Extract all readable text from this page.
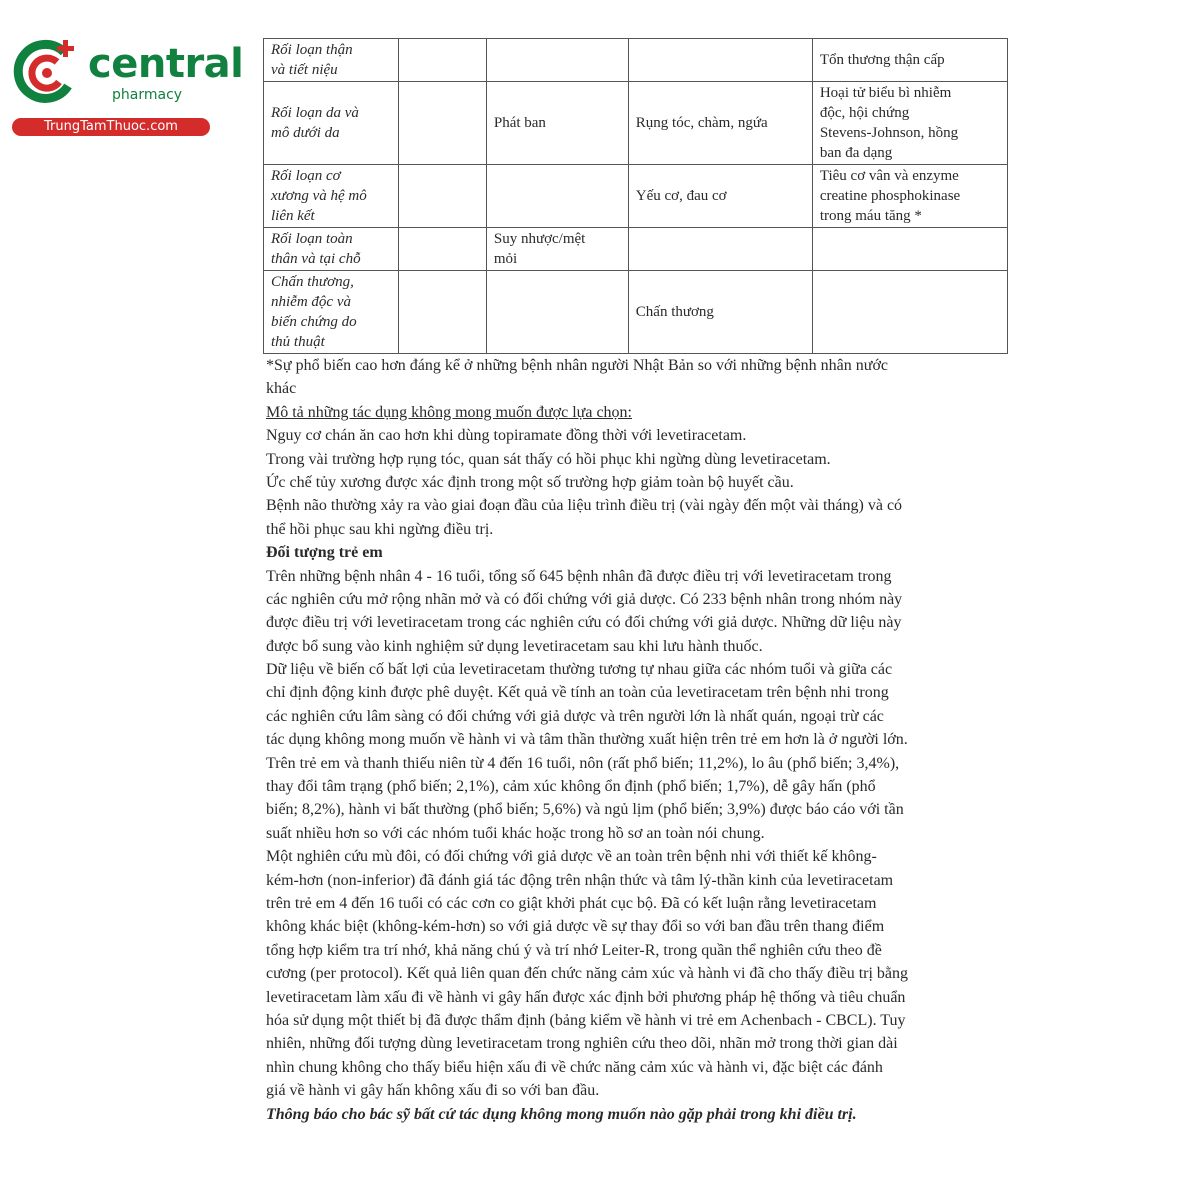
central
pharmacy
TrungTamThuoc.com
Rối loạn thận
và tiết niệu				Tổn thương thận cấp
Rối loạn da và
mô dưới da		Phát ban	Rụng tóc, chàm, ngứa	Hoại tử biểu bì nhiễm
độc, hội chứng
Stevens-Johnson, hồng
ban đa dạng
Rối loạn cơ
xương và hệ mô
liên kết			Yếu cơ, đau cơ	Tiêu cơ vân và enzyme
creatine phosphokinase
trong máu tăng *
Rối loạn toàn
thân và tại chỗ		Suy nhược/mệt
mỏi		
Chấn thương,
nhiễm độc và
biến chứng do
thủ thuật			Chấn thương	
*Sự phổ biến cao hơn đáng kể ở những bệnh nhân người Nhật Bản so với những bệnh nhân nước
khác
Mô tả những tác dụng không mong muốn được lựa chọn:
Nguy cơ chán ăn cao hơn khi dùng topiramate đồng thời với levetiracetam.
Trong vài trường hợp rụng tóc, quan sát thấy có hồi phục khi ngừng dùng levetiracetam.
Ức chế tủy xương được xác định trong một số trường hợp giảm toàn bộ huyết cầu.
Bệnh não thường xảy ra vào giai đoạn đầu của liệu trình điều trị (vài ngày đến một vài tháng) và có
thể hồi phục sau khi ngừng điều trị.
Đối tượng trẻ em
Trên những bệnh nhân 4 - 16 tuổi, tổng số 645 bệnh nhân đã được điều trị với levetiracetam trong
các nghiên cứu mở rộng nhãn mở và có đối chứng với giả dược. Có 233 bệnh nhân trong nhóm này
được điều trị với levetiracetam trong các nghiên cứu có đối chứng với giả dược. Những dữ liệu này
được bổ sung vào kinh nghiệm sử dụng levetiracetam sau khi lưu hành thuốc.
Dữ liệu về biến cố bất lợi của levetiracetam thường tương tự nhau giữa các nhóm tuổi và giữa các
chỉ định động kinh được phê duyệt. Kết quả về tính an toàn của levetiracetam trên bệnh nhi trong
các nghiên cứu lâm sàng có đối chứng với giả dược và trên người lớn là nhất quán, ngoại trừ các
tác dụng không mong muốn về hành vi và tâm thần thường xuất hiện trên trẻ em hơn là ở người lớn.
Trên trẻ em và thanh thiếu niên từ 4 đến 16 tuổi, nôn (rất phổ biến; 11,2%), lo âu (phổ biến; 3,4%),
thay đổi tâm trạng (phổ biến; 2,1%), cảm xúc không ổn định (phổ biến; 1,7%), dễ gây hấn (phổ
biến; 8,2%), hành vi bất thường (phổ biến; 5,6%) và ngủ lịm (phổ biến; 3,9%) được báo cáo với tần
suất nhiều hơn so với các nhóm tuổi khác hoặc trong hồ sơ an toàn nói chung.
Một nghiên cứu mù đôi, có đối chứng với giả dược về an toàn trên bệnh nhi với thiết kế không-
kém-hơn (non-inferior) đã đánh giá tác động trên nhận thức và tâm lý-thần kinh của levetiracetam
trên trẻ em 4 đến 16 tuổi có các cơn co giật khởi phát cục bộ. Đã có kết luận rằng levetiracetam
không khác biệt (không-kém-hơn) so với giả dược về sự thay đổi so với ban đầu trên thang điểm
tổng hợp kiểm tra trí nhớ, khả năng chú ý và trí nhớ Leiter-R, trong quần thể nghiên cứu theo đề
cương (per protocol). Kết quả liên quan đến chức năng cảm xúc và hành vi đã cho thấy điều trị bằng
levetiracetam làm xấu đi về hành vi gây hấn được xác định bởi phương pháp hệ thống và tiêu chuẩn
hóa sử dụng một thiết bị đã được thẩm định (bảng kiểm về hành vi trẻ em Achenbach - CBCL). Tuy
nhiên, những đối tượng dùng levetiracetam trong nghiên cứu theo dõi, nhãn mở trong thời gian dài
nhìn chung không cho thấy biểu hiện xấu đi về chức năng cảm xúc và hành vi, đặc biệt các đánh
giá về hành vi gây hấn không xấu đi so với ban đầu.
Thông báo cho bác sỹ bất cứ tác dụng không mong muốn nào gặp phải trong khi điều trị.
